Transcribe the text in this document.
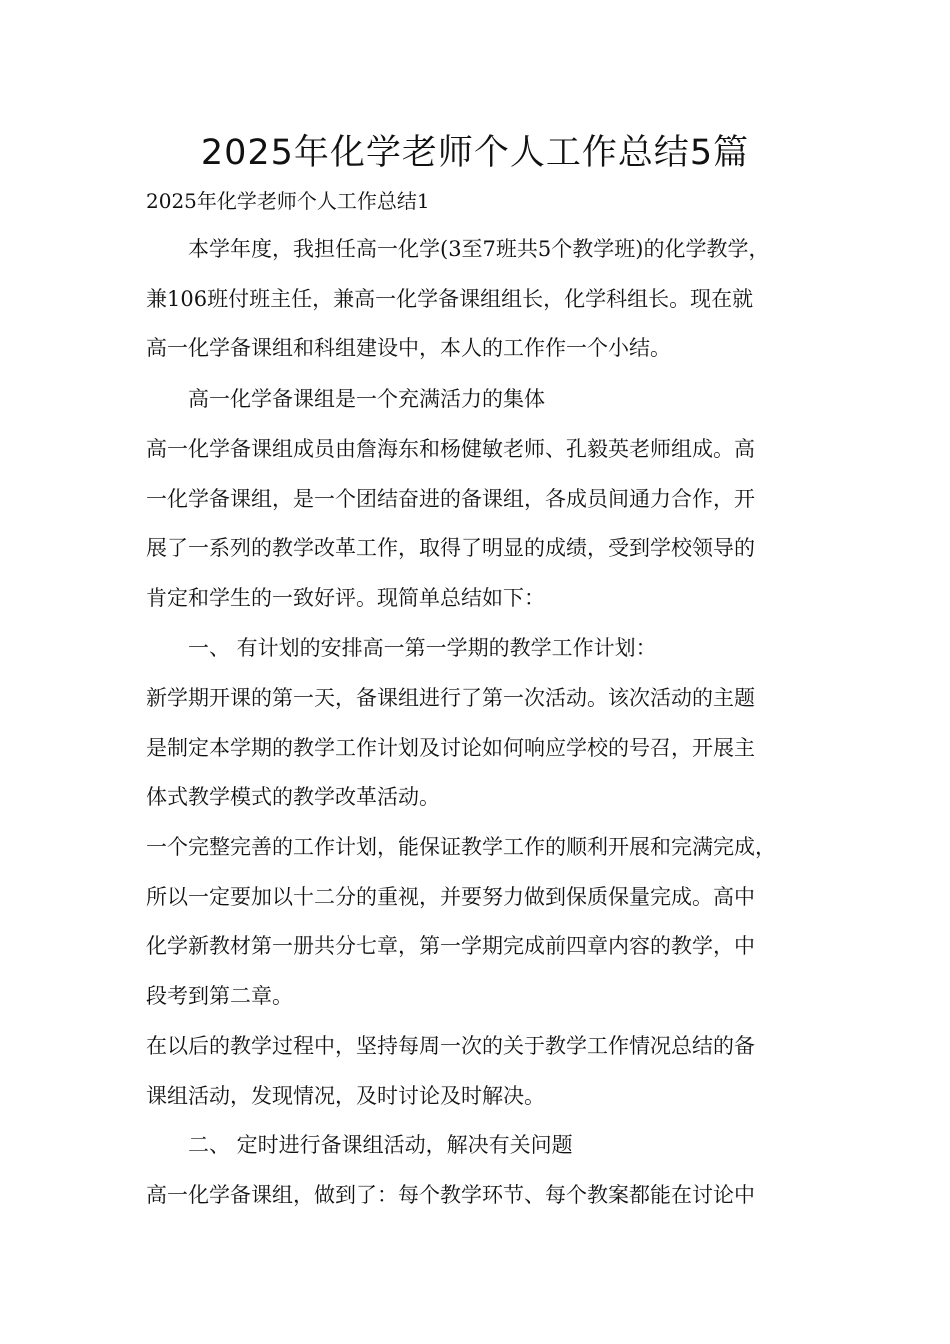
2025年化学老师个人工作总结5篇
2025年化学老师个人工作总结1
本学年度，我担任高一化学(3至7班共5个教学班)的化学教学，
兼106班付班主任，兼高一化学备课组组长，化学科组长。现在就
高一化学备课组和科组建设中，本人的工作作一个小结。
高一化学备课组是一个充满活力的集体
高一化学备课组成员由詹海东和杨健敏老师、孔毅英老师组成。高
一化学备课组，是一个团结奋进的备课组，各成员间通力合作，开
展了一系列的教学改革工作，取得了明显的成绩，受到学校领导的
肯定和学生的一致好评。现简单总结如下：
一、 有计划的安排高一第一学期的教学工作计划：
新学期开课的第一天，备课组进行了第一次活动。该次活动的主题
是制定本学期的教学工作计划及讨论如何响应学校的号召，开展主
体式教学模式的教学改革活动。
一个完整完善的工作计划，能保证教学工作的顺利开展和完满完成，
所以一定要加以十二分的重视，并要努力做到保质保量完成。高中
化学新教材第一册共分七章，第一学期完成前四章内容的教学，中
段考到第二章。
在以后的教学过程中，坚持每周一次的关于教学工作情况总结的备
课组活动，发现情况，及时讨论及时解决。
二、 定时进行备课组活动，解决有关问题
高一化学备课组，做到了：每个教学环节、每个教案都能在讨论中
